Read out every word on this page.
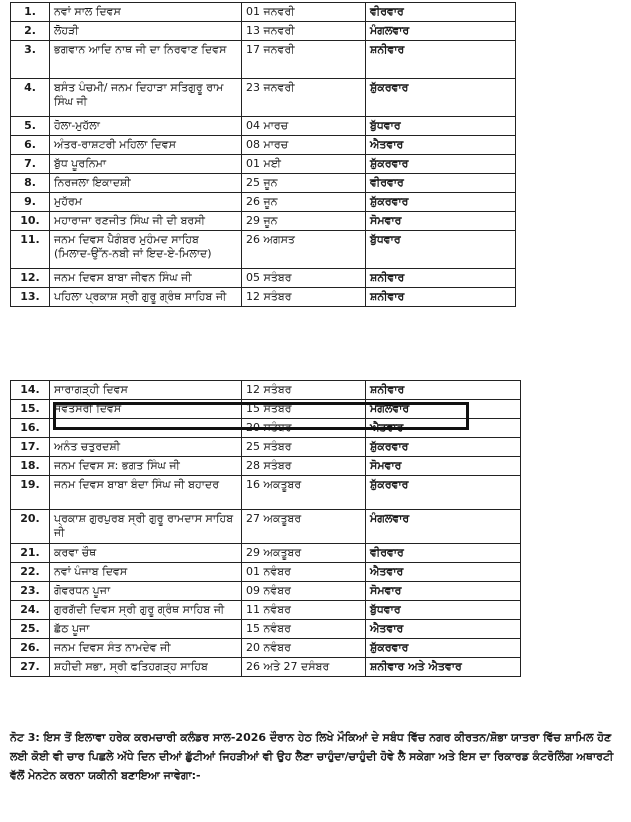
1.	ਨਵਾਂ ਸਾਲ ਦਿਵਸ	01 ਜਨਵਰੀ	ਵੀਰਵਾਰ
2.	ਲੋਹੜੀ	13 ਜਨਵਰੀ	ਮੰਗਲਵਾਰ
3.	ਭਗਵਾਨ ਆਦਿ ਨਾਥ ਜੀ ਦਾ ਨਿਰਵਾਣ ਦਿਵਸ	17 ਜਨਵਰੀ	ਸ਼ਨੀਵਾਰ
4.	ਬਸੰਤ ਪੰਚਮੀ/ ਜਨਮ ਦਿਹਾੜਾ ਸਤਿਗੁਰੂ ਰਾਮ ਸਿੰਘ ਜੀ	23 ਜਨਵਰੀ	ਸ਼ੁੱਕਰਵਾਰ
5.	ਹੋਲਾ-ਮੁਹੱਲਾ	04 ਮਾਰਚ	ਬੁੱਧਵਾਰ
6.	ਅੰਤਰ-ਰਾਸ਼ਟਰੀ ਮਹਿਲਾ ਦਿਵਸ	08 ਮਾਰਚ	ਐਤਵਾਰ
7.	ਬੁੱਧ ਪੂਰਨਿਮਾ	01 ਮਈ	ਸ਼ੁੱਕਰਵਾਰ
8.	ਨਿਰਜਲਾ ਇਕਾਦਸ਼ੀ	25 ਜੂਨ	ਵੀਰਵਾਰ
9.	ਮੁਹੱਰਮ	26 ਜੂਨ	ਸ਼ੁੱਕਰਵਾਰ
10.	ਮਹਾਰਾਜਾ ਰਣਜੀਤ ਸਿੰਘ ਜੀ ਦੀ ਬਰਸੀ	29 ਜੂਨ	ਸੋਮਵਾਰ
11.	ਜਨਮ ਦਿਵਸ ਪੈਗੰਬਰ ਮੁਹੰਮਦ ਸਾਹਿਬ (ਮਿਲਾਦ-ਉੱਨ-ਨਬੀ ਜਾਂ ਇਦ-ਏ-ਮਿਲਾਦ)	26 ਅਗਸਤ	ਬੁੱਧਵਾਰ
12.	ਜਨਮ ਦਿਵਸ ਬਾਬਾ ਜੀਵਨ ਸਿੰਘ ਜੀ	05 ਸਤੰਬਰ	ਸ਼ਨੀਵਾਰ
13.	ਪਹਿਲਾ ਪ੍ਰਕਾਸ਼ ਸ੍ਰੀ ਗੁਰੂ ਗ੍ਰੰਥ ਸਾਹਿਬ ਜੀ	12 ਸਤੰਬਰ	ਸ਼ਨੀਵਾਰ
14.	ਸਾਰਾਗੜ੍ਹੀ ਦਿਵਸ	12 ਸਤੰਬਰ	ਸ਼ਨੀਵਾਰ
15.	ਸੰਵਤਸਰੀ ਦਿਵਸ	15 ਸਤੰਬਰ	ਮੰਗਲਵਾਰ
16.		20 ਸਤੰਬਰ	ਐਤਵਾਰ
17.	ਅਨੰਤ ਚਤੁਰਦਸ਼ੀ	25 ਸਤੰਬਰ	ਸ਼ੁੱਕਰਵਾਰ
18.	ਜਨਮ ਦਿਵਸ ਸ: ਭਗਤ ਸਿੰਘ ਜੀ	28 ਸਤੰਬਰ	ਸੋਮਵਾਰ
19.	ਜਨਮ ਦਿਵਸ ਬਾਬਾ ਬੰਦਾ ਸਿੰਘ ਜੀ ਬਹਾਦਰ	16 ਅਕਤੂਬਰ	ਸ਼ੁੱਕਰਵਾਰ
20.	ਪ੍ਰਕਾਸ਼ ਗੁਰਪੁਰਬ ਸ੍ਰੀ ਗੁਰੂ ਰਾਮਦਾਸ ਸਾਹਿਬ ਜੀ	27 ਅਕਤੂਬਰ	ਮੰਗਲਵਾਰ
21.	ਕਰਵਾ ਚੌਥ	29 ਅਕਤੂਬਰ	ਵੀਰਵਾਰ
22.	ਨਵਾਂ ਪੰਜਾਬ ਦਿਵਸ	01 ਨਵੰਬਰ	ਐਤਵਾਰ
23.	ਗੋਵਰਧਨ ਪੂਜਾ	09 ਨਵੰਬਰ	ਸੋਮਵਾਰ
24.	ਗੁਰਗੱਦੀ ਦਿਵਸ ਸ੍ਰੀ ਗੁਰੂ ਗ੍ਰੰਥ ਸਾਹਿਬ ਜੀ	11 ਨਵੰਬਰ	ਬੁੱਧਵਾਰ
25.	ਛੱਠ ਪੂਜਾ	15 ਨਵੰਬਰ	ਐਤਵਾਰ
26.	ਜਨਮ ਦਿਵਸ ਸੰਤ ਨਾਮਦੇਵ ਜੀ	20 ਨਵੰਬਰ	ਸ਼ੁੱਕਰਵਾਰ
27.	ਸ਼ਹੀਦੀ ਸਭਾ, ਸ੍ਰੀ ਫਤਿਹਗੜ੍ਹ ਸਾਹਿਬ	26 ਅਤੇ 27 ਦਸੰਬਰ	ਸ਼ਨੀਵਾਰ ਅਤੇ ਐਤਵਾਰ

ਨੋਟ 3: ਇਸ ਤੋਂ ਇਲਾਵਾ ਹਰੇਕ ਕਰਮਚਾਰੀ ਕਲੰਡਰ ਸਾਲ-2026 ਦੌਰਾਨ ਹੇਠ ਲਿਖੇ ਮੌਕਿਆਂ ਦੇ ਸਬੰਧ ਵਿੱਚ ਨਗਰ ਕੀਰਤਨ/ਸ਼ੋਭਾ ਯਾਤਰਾ ਵਿੱਚ ਸ਼ਾਮਿਲ ਹੋਣ ਲਈ ਕੋਈ ਵੀ ਚਾਰ ਪਿਛਲੇ ਅੱਧੇ ਦਿਨ ਦੀਆਂ ਛੁੱਟੀਆਂ ਜਿਹੜੀਆਂ ਵੀ ਉਹ ਲੈਣਾ ਚਾਹੁੰਦਾ/ਚਾਹੁੰਦੀ ਹੋਵੇ ਲੈ ਸਕੇਗਾ ਅਤੇ ਇਸ ਦਾ ਰਿਕਾਰਡ ਕੰਟਰੋਲਿੰਗ ਅਥਾਰਟੀ ਵੱਲੋਂ ਮੇਨਟੇਨ ਕਰਨਾ ਯਕੀਨੀ ਬਣਾਇਆ ਜਾਵੇਗਾ:-
